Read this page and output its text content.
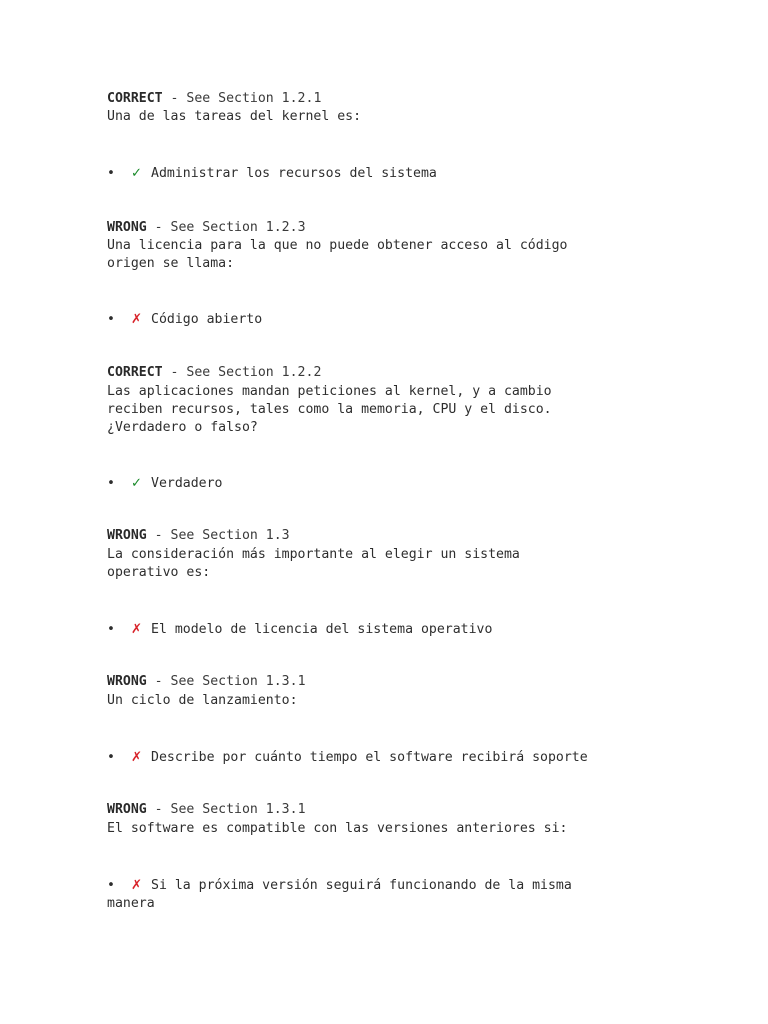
CORRECT - See Section 1.2.1
Una de las tareas del kernel es:
•	✓ Administrar los recursos del sistema
WRONG - See Section 1.2.3
Una licencia para la que no puede obtener acceso al código
origen se llama:
•	✗ Código abierto
CORRECT - See Section 1.2.2
Las aplicaciones mandan peticiones al kernel, y a cambio
reciben recursos, tales como la memoria, CPU y el disco.
¿Verdadero o falso?
•	✓ Verdadero
WRONG - See Section 1.3
La consideración más importante al elegir un sistema
operativo es:
•	✗ El modelo de licencia del sistema operativo
WRONG - See Section 1.3.1
Un ciclo de lanzamiento:
•	✗ Describe por cuánto tiempo el software recibirá soporte
WRONG - See Section 1.3.1
El software es compatible con las versiones anteriores si:
•	✗ Si la próxima versión seguirá funcionando de la misma
manera
